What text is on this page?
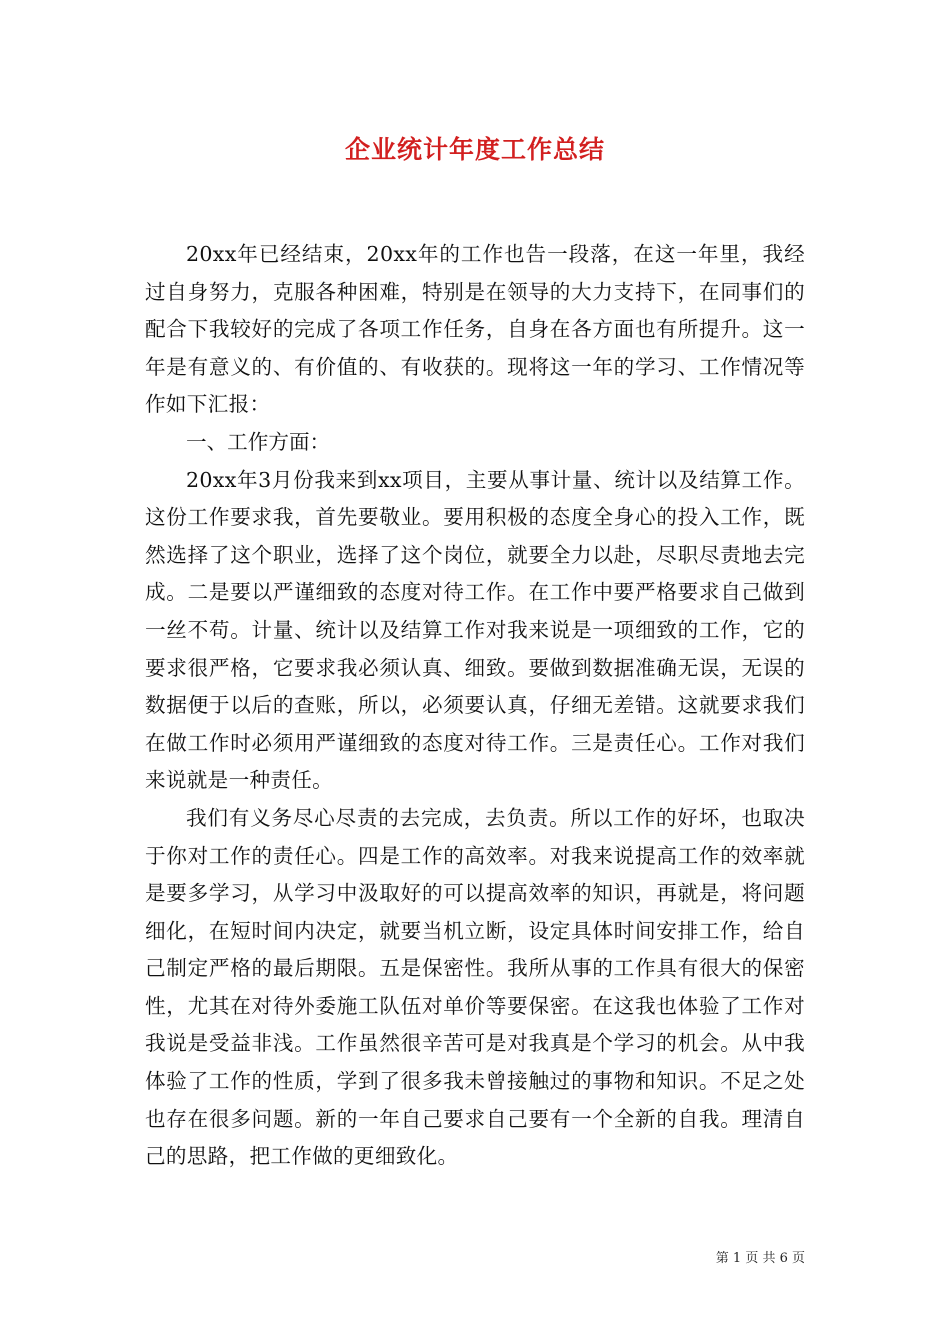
企业统计年度工作总结

20xx年已经结束，20xx年的工作也告一段落，在这一年里，我经过自身努力，克服各种困难，特别是在领导的大力支持下，在同事们的配合下我较好的完成了各项工作任务，自身在各方面也有所提升。这一年是有意义的、有价值的、有收获的。现将这一年的学习、工作情况等作如下汇报：

一、工作方面：

20xx年3月份我来到xx项目，主要从事计量、统计以及结算工作。这份工作要求我，首先要敬业。要用积极的态度全身心的投入工作，既然选择了这个职业，选择了这个岗位，就要全力以赴，尽职尽责地去完成。二是要以严谨细致的态度对待工作。在工作中要严格要求自己做到一丝不苟。计量、统计以及结算工作对我来说是一项细致的工作，它的要求很严格，它要求我必须认真、细致。要做到数据准确无误，无误的数据便于以后的查账，所以，必须要认真，仔细无差错。这就要求我们在做工作时必须用严谨细致的态度对待工作。三是责任心。工作对我们来说就是一种责任。

我们有义务尽心尽责的去完成，去负责。所以工作的好坏，也取决于你对工作的责任心。四是工作的高效率。对我来说提高工作的效率就是要多学习，从学习中汲取好的可以提高效率的知识，再就是，将问题细化，在短时间内决定，就要当机立断，设定具体时间安排工作，给自己制定严格的最后期限。五是保密性。我所从事的工作具有很大的保密性，尤其在对待外委施工队伍对单价等要保密。在这我也体验了工作对我说是受益非浅。工作虽然很辛苦可是对我真是个学习的机会。从中我体验了工作的性质，学到了很多我未曾接触过的事物和知识。不足之处也存在很多问题。新的一年自己要求自己要有一个全新的自我。理清自己的思路，把工作做的更细致化。

第 1 页 共 6 页
